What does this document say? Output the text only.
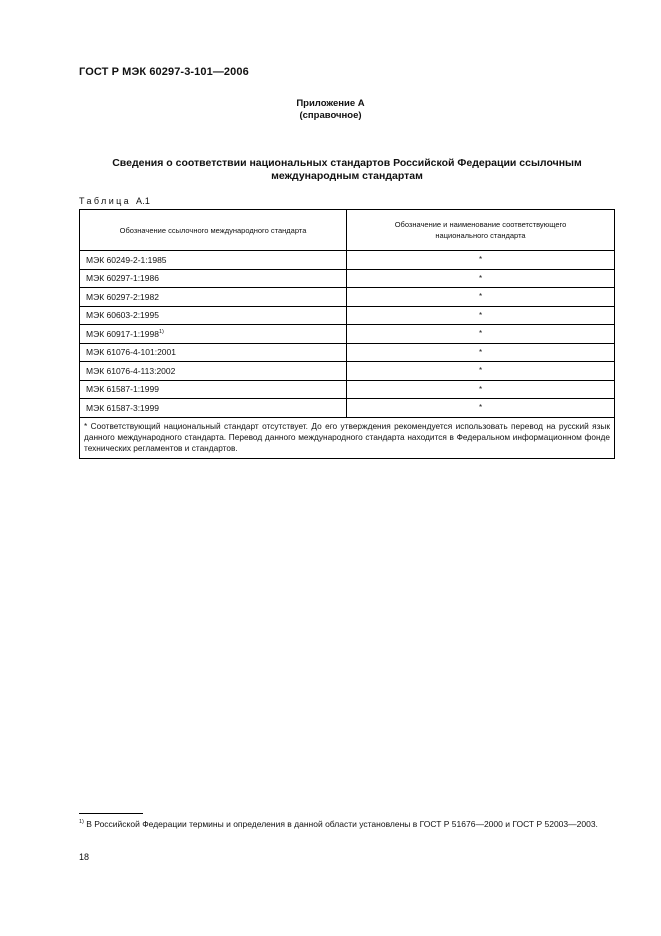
ГОСТ Р МЭК 60297-3-101—2006
Приложение А
(справочное)
Сведения о соответствии национальных стандартов Российской Федерации ссылочным
международным стандартам
Таблица А.1
Обозначение ссылочного международного стандарта	Обозначение и наименование соответствующего национального стандарта

МЭК 60249-2-1:1985	*
МЭК 60297-1:1986	*
МЭК 60297-2:1982	*
МЭК 60603-2:1995	*
МЭК 60917-1:1998$^{1)}$	*
МЭК 61076-4-101:2001	*
МЭК 61076-4-113:2002	*
МЭК 61587-1:1999	*
МЭК 61587-3:1999	*
* Соответствующий национальный стандарт отсутствует. До его утверждения рекомендуется использовать перевод на русский язык данного международного стандарта. Перевод данного международного стандарта находится в Федеральном информационном фонде технических регламентов и стандартов.	
$^{1)}$ В Российской Федерации термины и определения в данной области установлены в ГОСТ Р 51676—2000 и ГОСТ Р 52003—2003.
18
